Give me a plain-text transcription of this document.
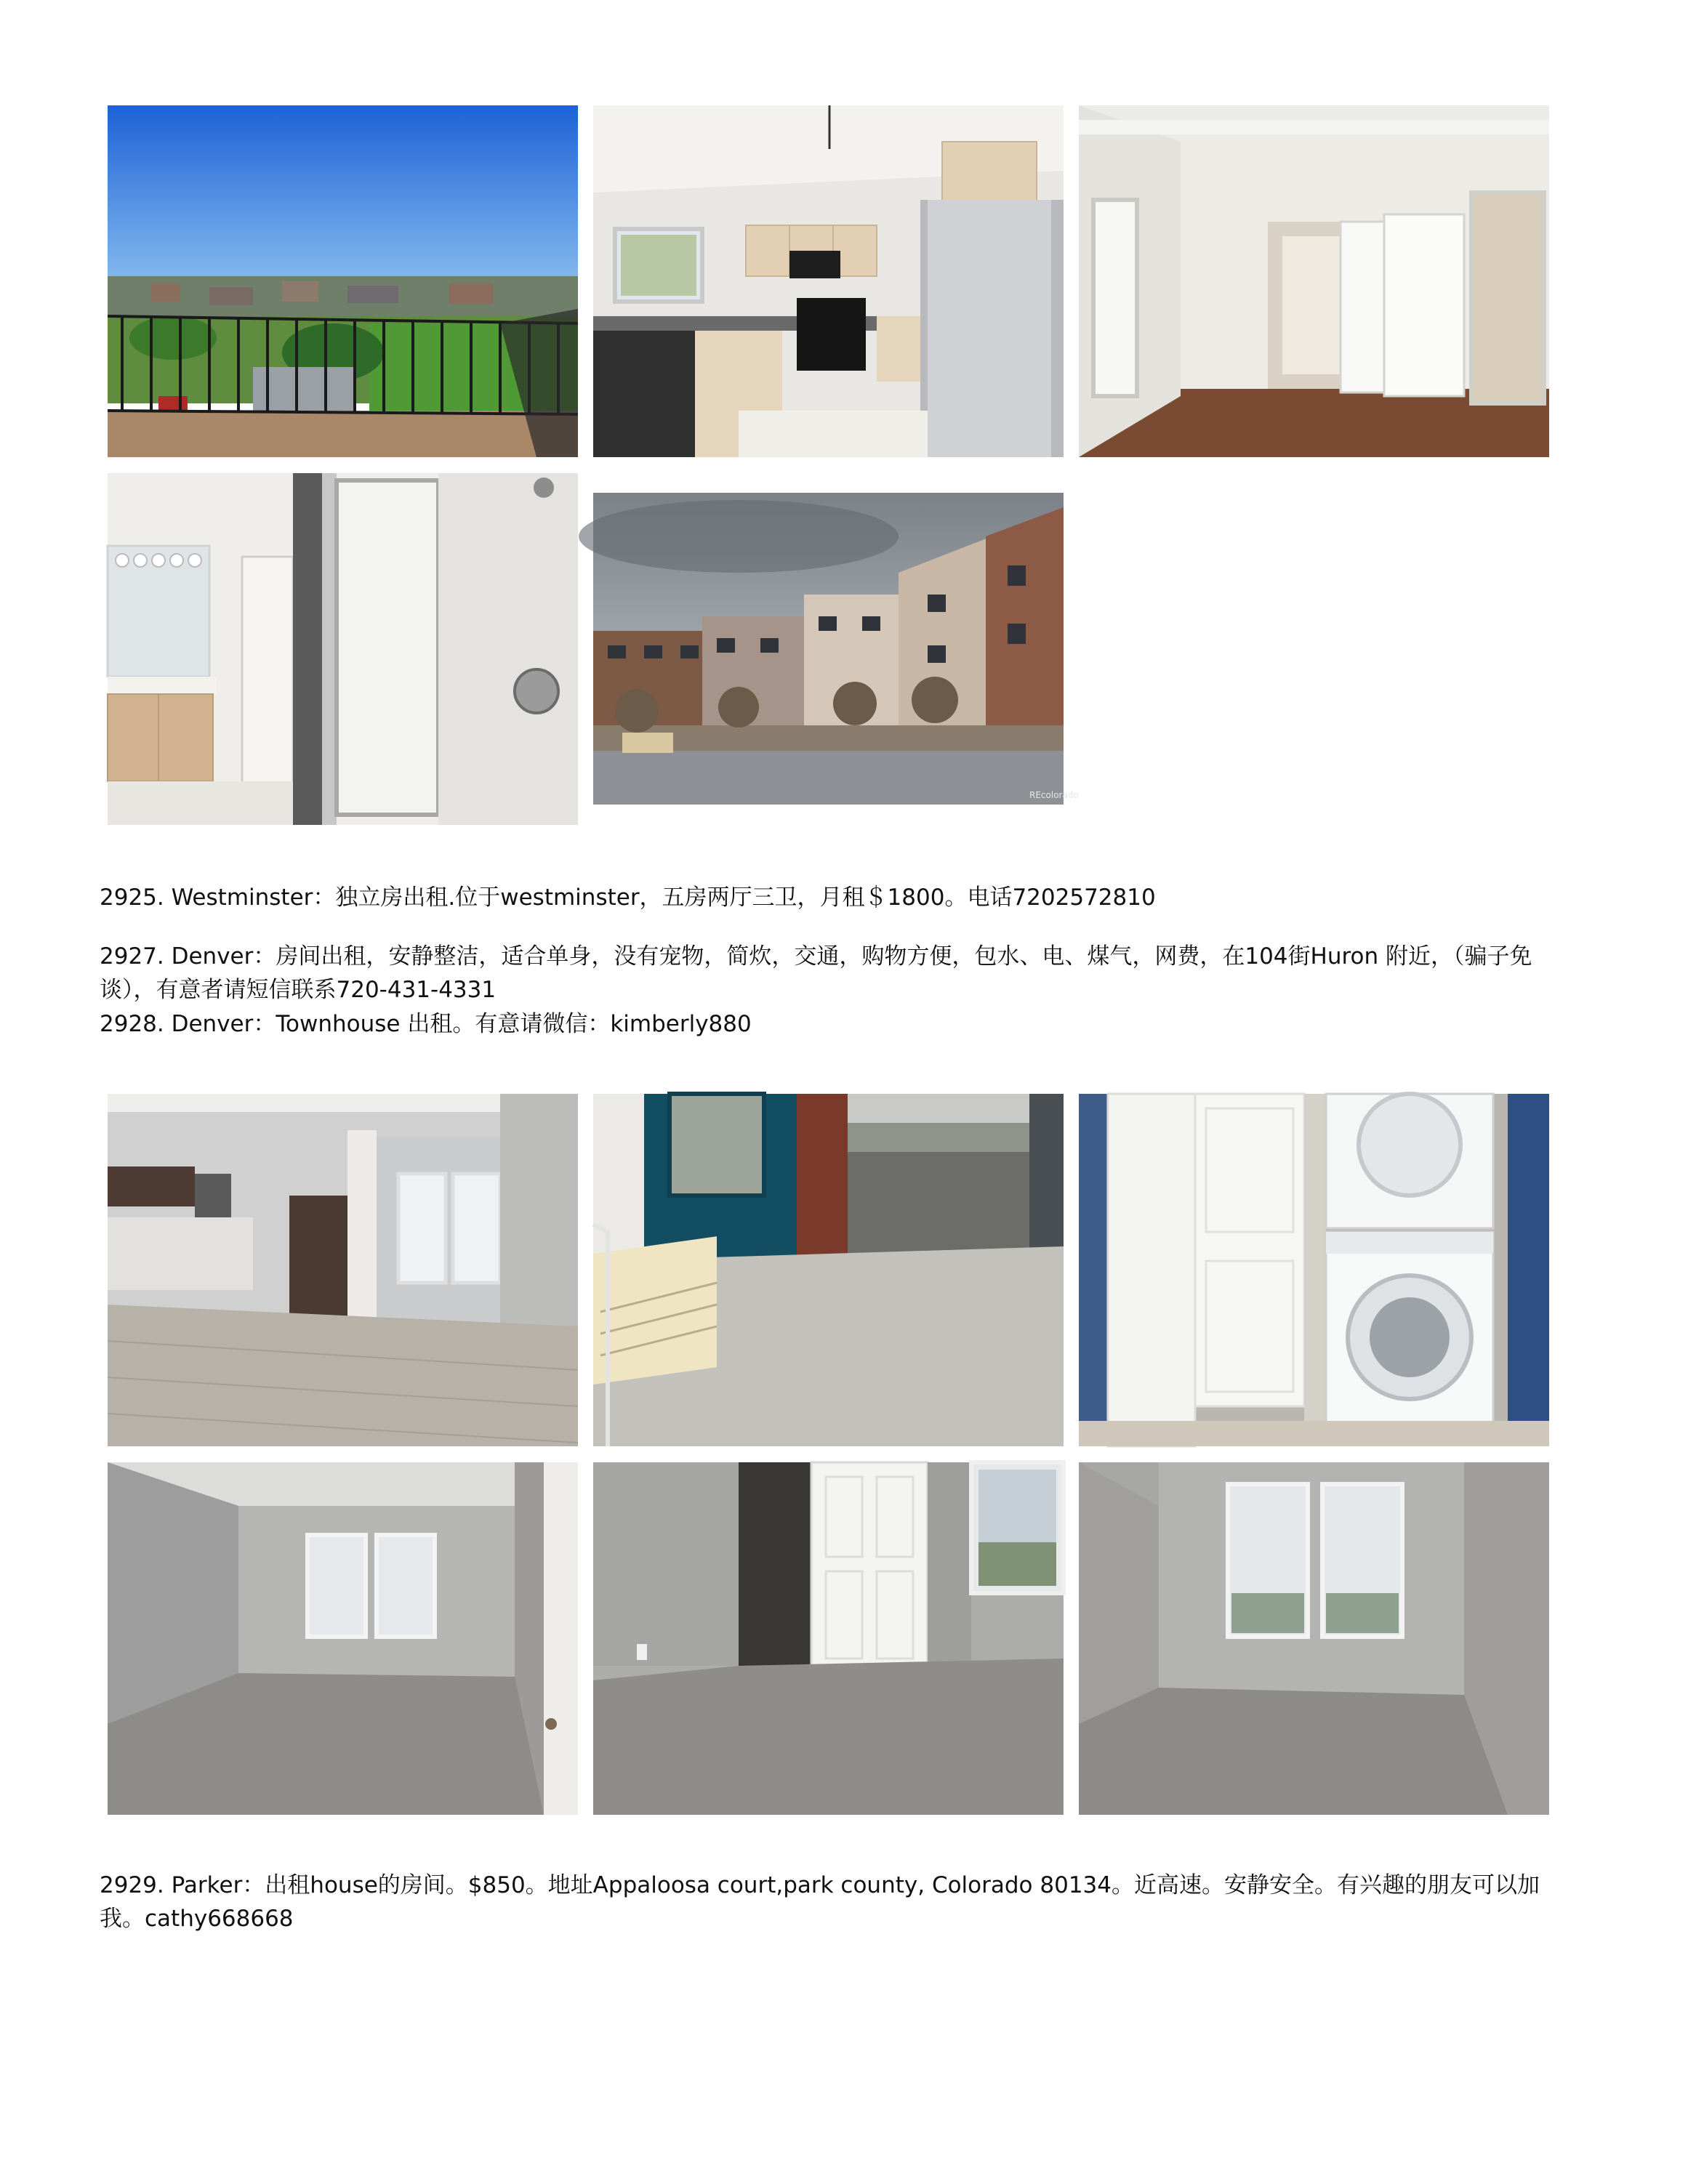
REcolorado

2925. Westminster：独立房出租.位于westminster，五房两厅三卫，月租＄1800。电话7202572810

2927. Denver：房间出租，安静整洁，适合单身，没有宠物，简炊，交通，购物方便，包水、电、煤气，网费，在104街Huron 附近，（骗子免谈），有意者请短信联系720-431-4331

2928. Denver：Townhouse 出租。有意请微信：kimberly880

2929. Parker：出租house的房间。$850。地址Appaloosa court,park county, Colorado 80134。近高速。安静安全。有兴趣的朋友可以加我。cathy668668
